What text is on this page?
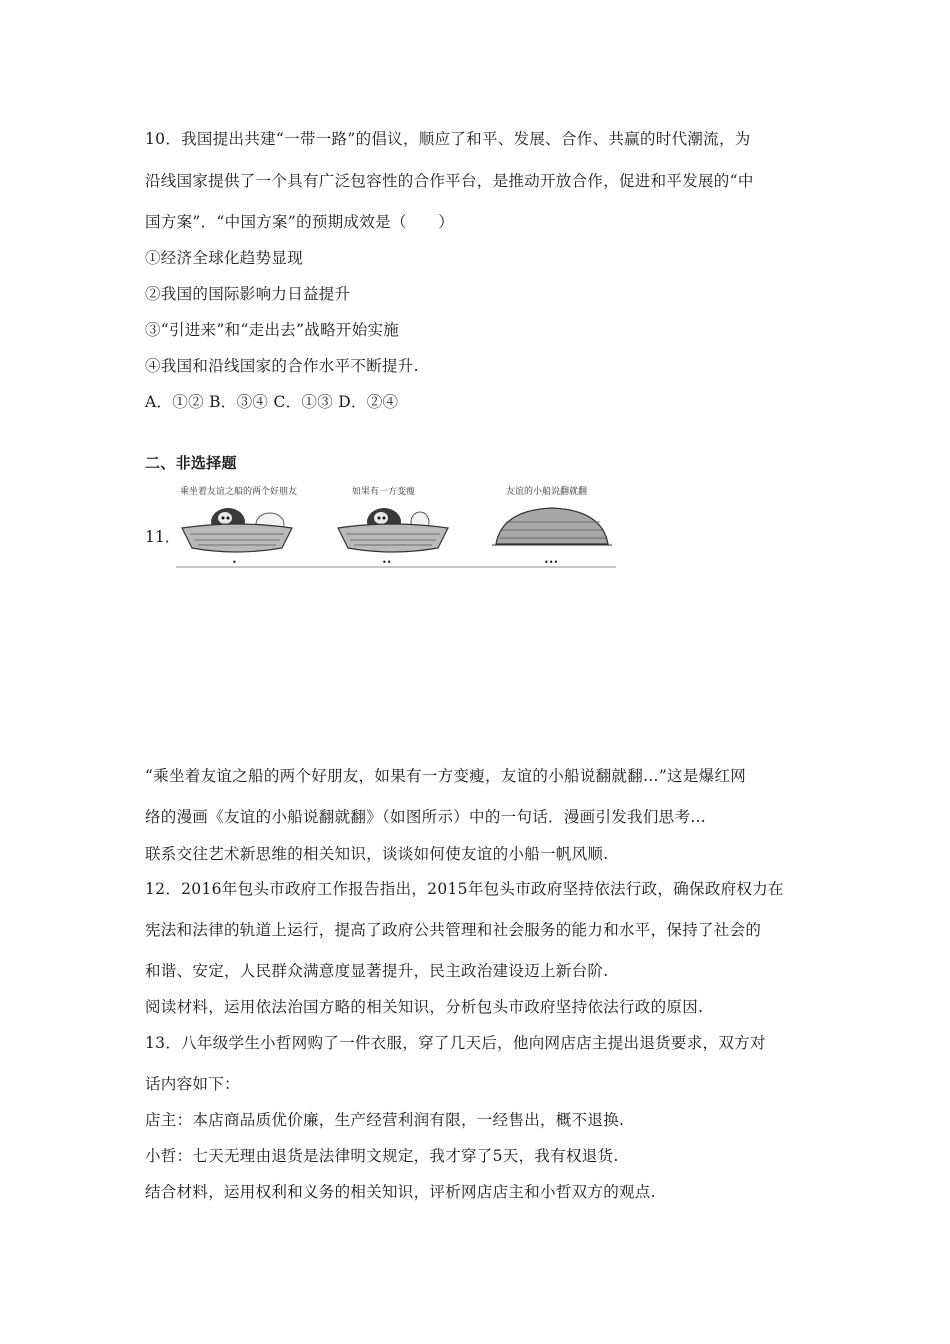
10．我国提出共建“一带一路”的倡议，顺应了和平、发展、合作、共赢的时代潮流，为
沿线国家提供了一个具有广泛包容性的合作平台，是推动开放合作，促进和平发展的“中
国方案”．“中国方案”的预期成效是（　　）
①经济全球化趋势显现
②我国的国际影响力日益提升
③“引进来”和“走出去”战略开始实施
④我国和沿线国家的合作水平不断提升.
A．①② B．③④ C．①③ D．②④
二、非选择题
11．
乘坐着友谊之船的两个好朋友
•
如果有一方变瘦
••
友谊的小船说翻就翻
•••
“乘坐着友谊之船的两个好朋友，如果有一方变瘦，友谊的小船说翻就翻…”这是爆红网
络的漫画《友谊的小船说翻就翻》（如图所示）中的一句话．漫画引发我们思考…
联系交往艺术新思维的相关知识，谈谈如何使友谊的小船一帆风顺.
12．2016年包头市政府工作报告指出，2015年包头市政府坚持依法行政，确保政府权力在
宪法和法律的轨道上运行，提高了政府公共管理和社会服务的能力和水平，保持了社会的
和谐、安定，人民群众满意度显著提升，民主政治建设迈上新台阶.
阅读材料，运用依法治国方略的相关知识，分析包头市政府坚持依法行政的原因.
13．八年级学生小哲网购了一件衣服，穿了几天后，他向网店店主提出退货要求，双方对
话内容如下：
店主：本店商品质优价廉，生产经营利润有限，一经售出，概不退换.
小哲：七天无理由退货是法律明文规定，我才穿了5天，我有权退货.
结合材料，运用权利和义务的相关知识，评析网店店主和小哲双方的观点.
